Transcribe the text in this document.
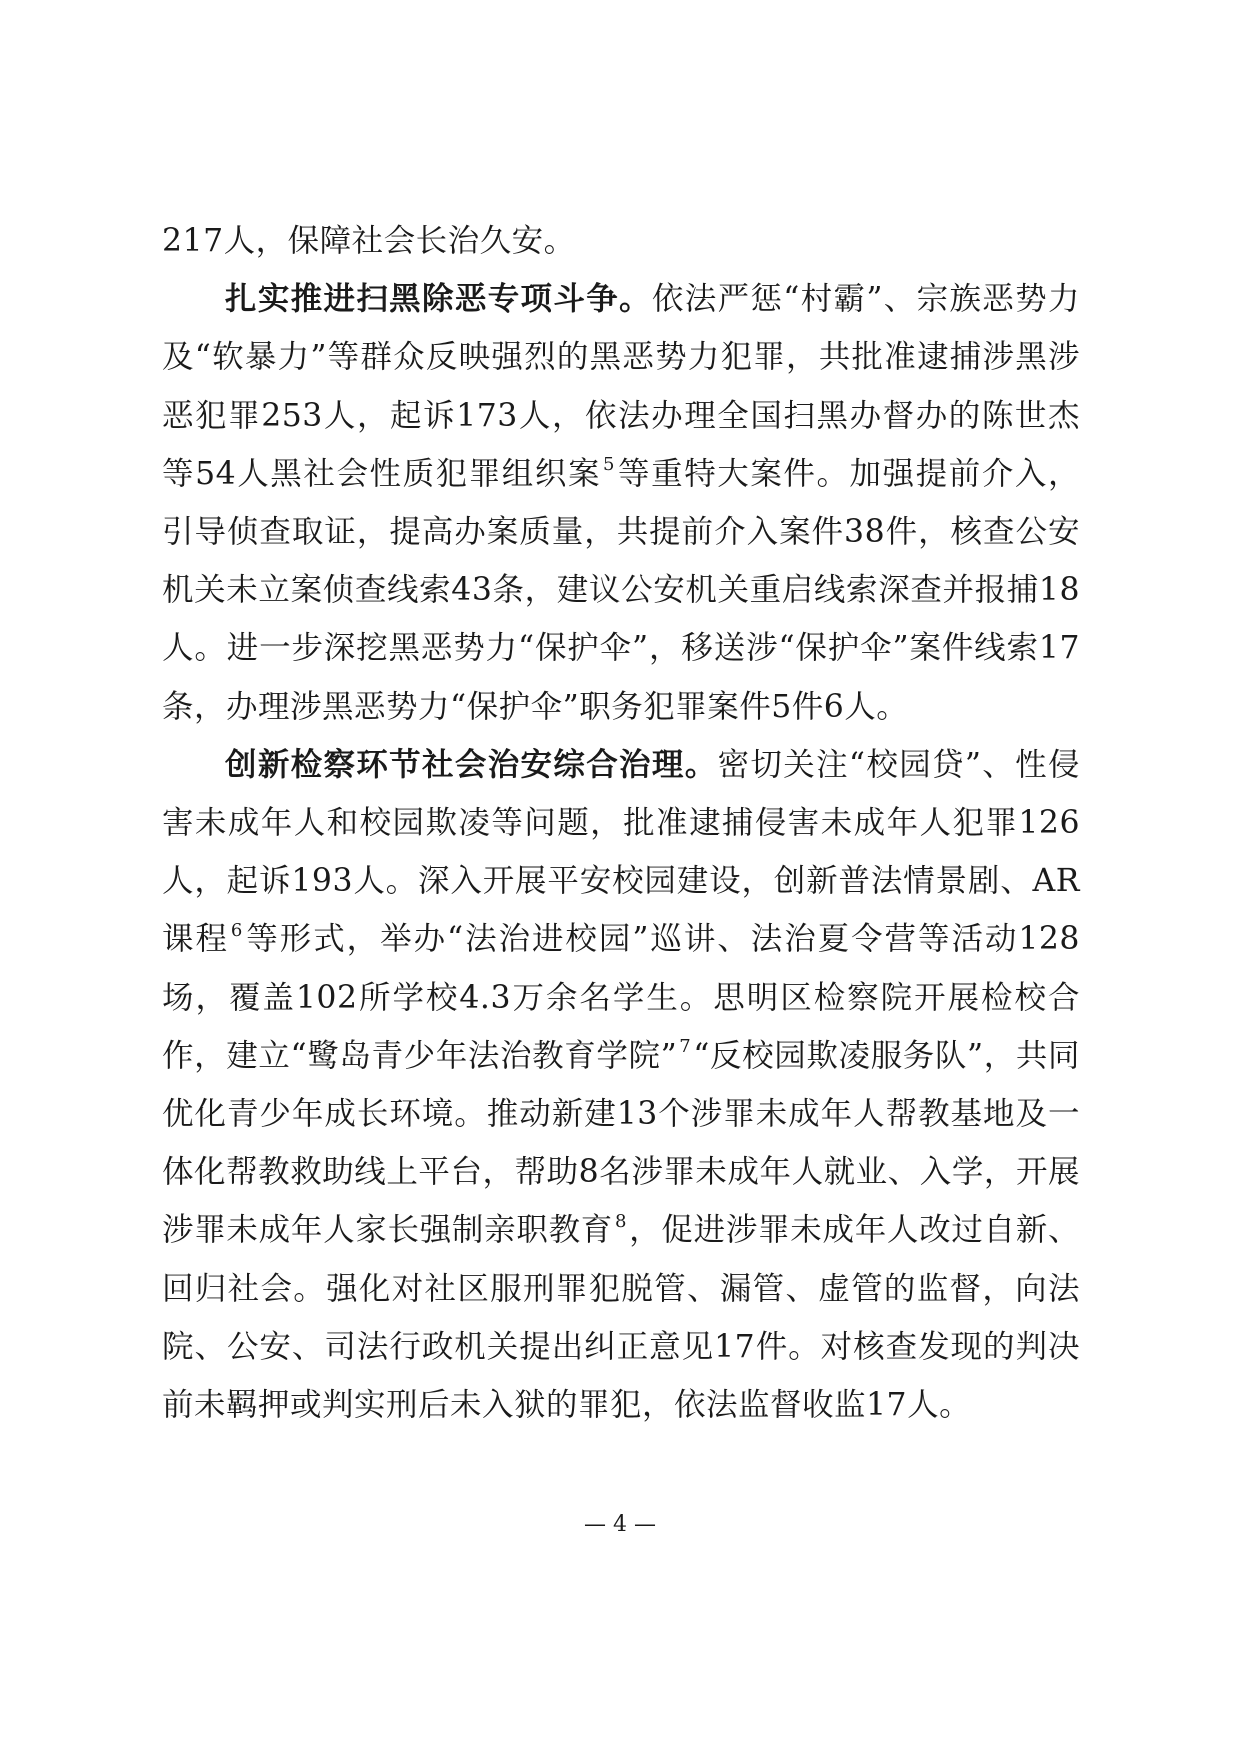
217人，保障社会长治久安。

扎实推进扫黑除恶专项斗争。依法严惩“村霸”、宗族恶势力及“软暴力”等群众反映强烈的黑恶势力犯罪，共批准逮捕涉黑涉恶犯罪253人，起诉173人，依法办理全国扫黑办督办的陈世杰等54人黑社会性质犯罪组织案 $^5$等重特大案件。加强提前介入，引导侦查取证，提高办案质量，共提前介入案件38件，核查公安机关未立案侦查线索43条，建议公安机关重启线索深查并报捕18人。进一步深挖黑恶势力“保护伞”，移送涉“保护伞”案件线索17条，办理涉黑恶势力“保护伞”职务犯罪案件5件6人。

创新检察环节社会治安综合治理。密切关注“校园贷”、性侵害未成年人和校园欺凌等问题，批准逮捕侵害未成年人犯罪126人，起诉193人。深入开展平安校园建设，创新普法情景剧、AR课程 $^6$等形式，举办“法治进校园”巡讲、法治夏令营等活动128场，覆盖102所学校4.3万余名学生。思明区检察院开展检校合作，建立“鹭岛青少年法治教育学院” $^7$“反校园欺凌服务队”，共同优化青少年成长环境。推动新建13个涉罪未成年人帮教基地及一体化帮教救助线上平台，帮助8名涉罪未成年人就业、入学，开展涉罪未成年人家长强制亲职教育 $^8$，促进涉罪未成年人改过自新、回归社会。强化对社区服刑罪犯脱管、漏管、虚管的监督，向法院、公安、司法行政机关提出纠正意见17件。对核查发现的判决前未羁押或判实刑后未入狱的罪犯，依法监督收监17人。

— 4 —
